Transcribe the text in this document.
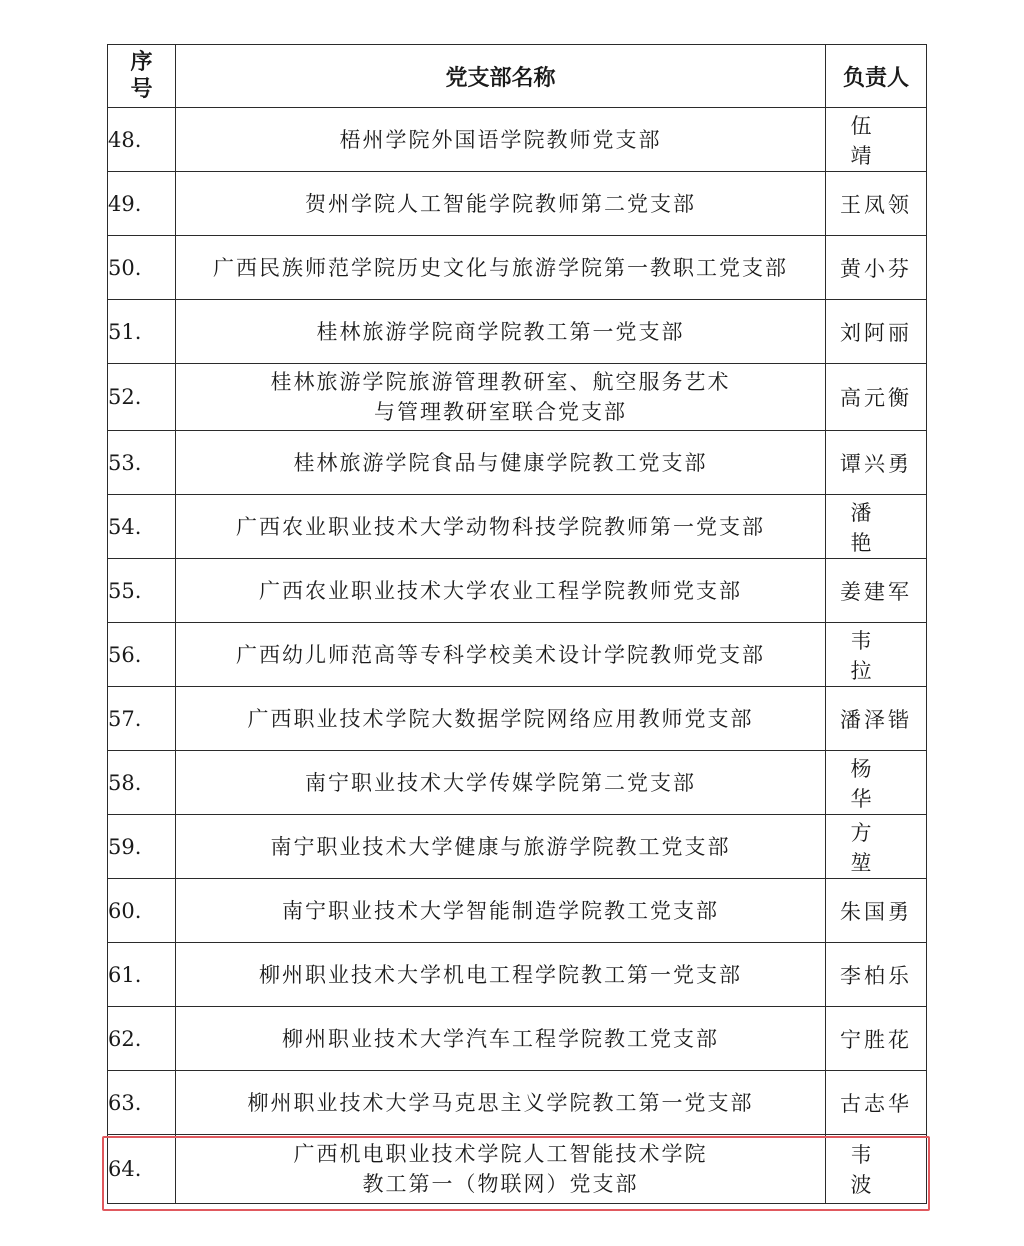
序
号	党支部名称	负责人
48.	梧州学院外国语学院教师党支部	伍靖
49.	贺州学院人工智能学院教师第二党支部	王凤领
50.	广西民族师范学院历史文化与旅游学院第一教职工党支部	黄小芬
51.	桂林旅游学院商学院教工第一党支部	刘阿丽
52.	桂林旅游学院旅游管理教研室、航空服务艺术
与管理教研室联合党支部	高元衡
53.	桂林旅游学院食品与健康学院教工党支部	谭兴勇
54.	广西农业职业技术大学动物科技学院教师第一党支部	潘艳
55.	广西农业职业技术大学农业工程学院教师党支部	姜建军
56.	广西幼儿师范高等专科学校美术设计学院教师党支部	韦拉
57.	广西职业技术学院大数据学院网络应用教师党支部	潘泽锴
58.	南宁职业技术大学传媒学院第二党支部	杨华
59.	南宁职业技术大学健康与旅游学院教工党支部	方堃
60.	南宁职业技术大学智能制造学院教工党支部	朱国勇
61.	柳州职业技术大学机电工程学院教工第一党支部	李柏乐
62.	柳州职业技术大学汽车工程学院教工党支部	宁胜花
63.	柳州职业技术大学马克思主义学院教工第一党支部	古志华
64.	广西机电职业技术学院人工智能技术学院
教工第一（物联网）党支部	韦波
